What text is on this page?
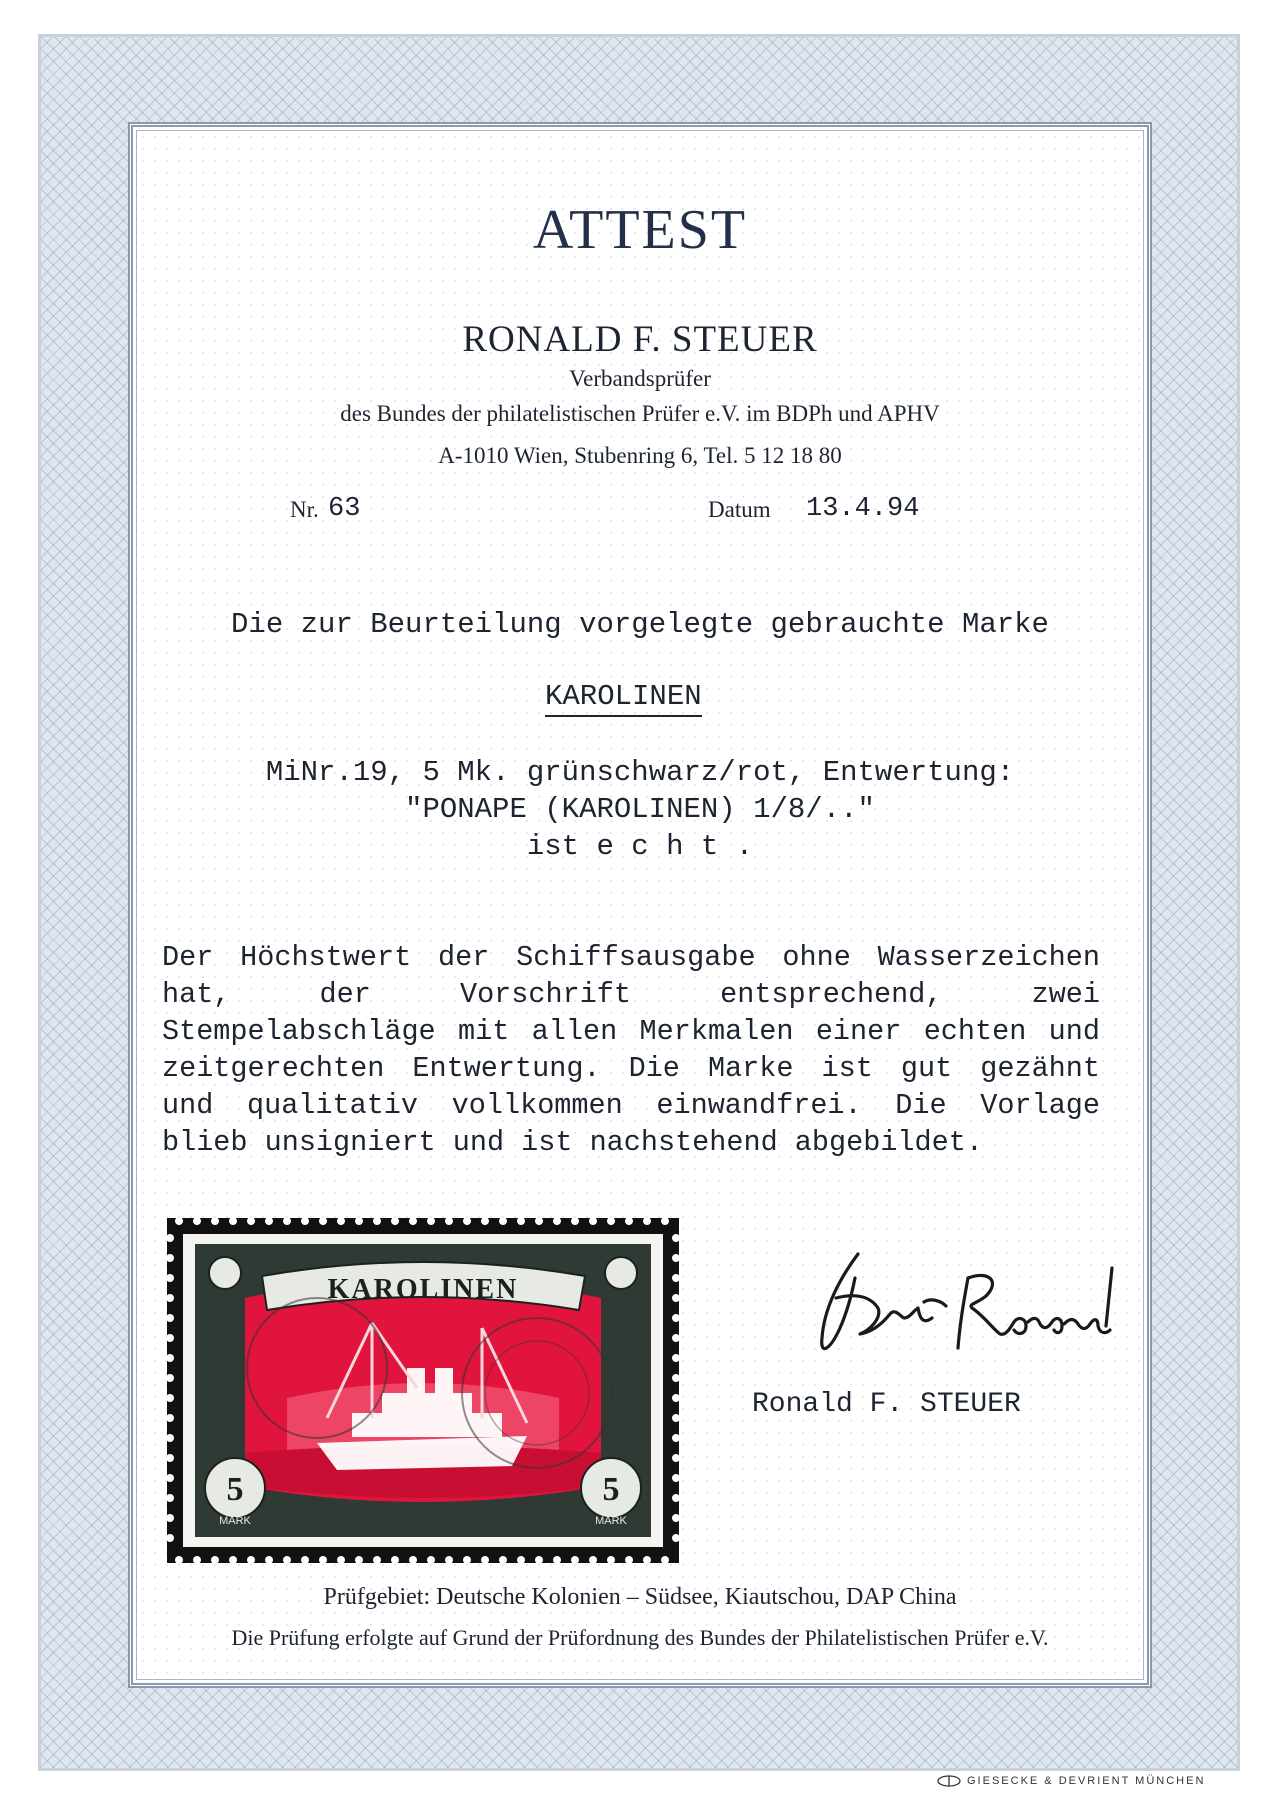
ATTEST
RONALD F. STEUER
Verbandsprüfer
des Bundes der philatelistischen Prüfer e.V. im BDPh und APHV
A-1010 Wien, Stubenring 6, Tel. 5 12 18 80
Nr. 63	Datum 13.4.94
Die zur Beurteilung vorgelegte gebrauchte Marke
KAROLINEN
MiNr.19, 5 Mk. grünschwarz/rot, Entwertung:
"PONAPE (KAROLINEN) 1/8/.."
ist e c h t .
Der Höchstwert der Schiffsausgabe ohne Wasserzeichen hat, der Vorschrift entsprechend, zwei Stempelabschläge mit allen Merkmalen einer echten und zeitgerechten Entwertung. Die Marke ist gut gezähnt und qualitativ vollkommen einwandfrei. Die Vorlage blieb unsigniert und ist nachstehend abgebildet.
KAROLINEN
5	5
MARK	MARK
Ronald F. STEUER
Prüfgebiet: Deutsche Kolonien – Südsee, Kiautschou, DAP China
Die Prüfung erfolgte auf Grund der Prüfordnung des Bundes der Philatelistischen Prüfer e.V.
GIESECKE & DEVRIENT MÜNCHEN
